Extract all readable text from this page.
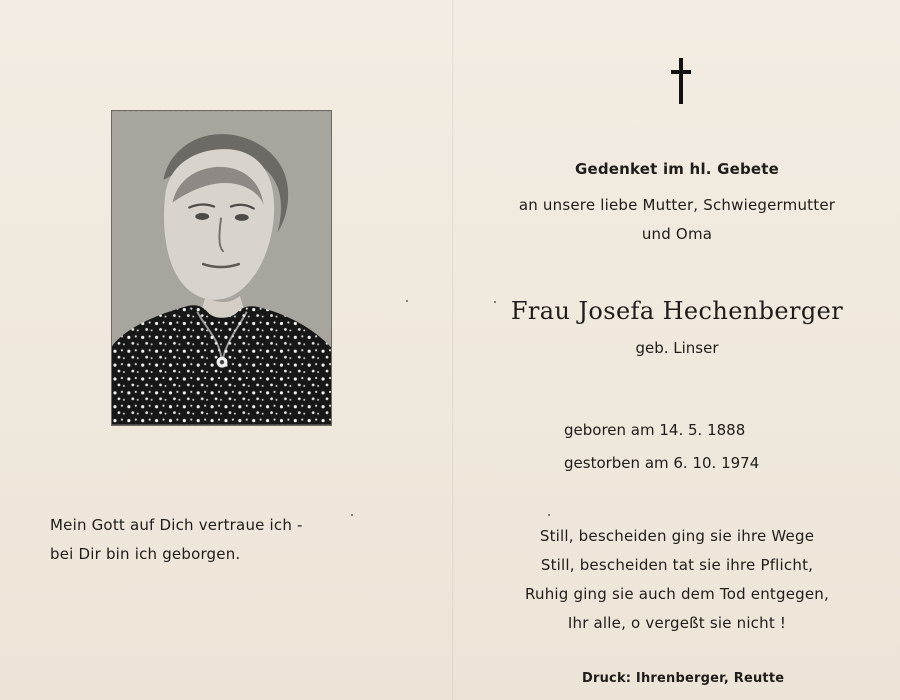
Mein Gott auf Dich vertraue ich -
bei Dir bin ich geborgen.
Gedenket im hl. Gebete
an unsere liebe Mutter, Schwiegermutter
und Oma
Frau Josefa Hechenberger
geb. Linser
geboren am 14. 5. 1888
gestorben am 6. 10. 1974
Still, bescheiden ging sie ihre Wege
Still, bescheiden tat sie ihre Pflicht,
Ruhig ging sie auch dem Tod entgegen,
Ihr alle, o vergeßt sie nicht !
Druck: Ihrenberger, Reutte
